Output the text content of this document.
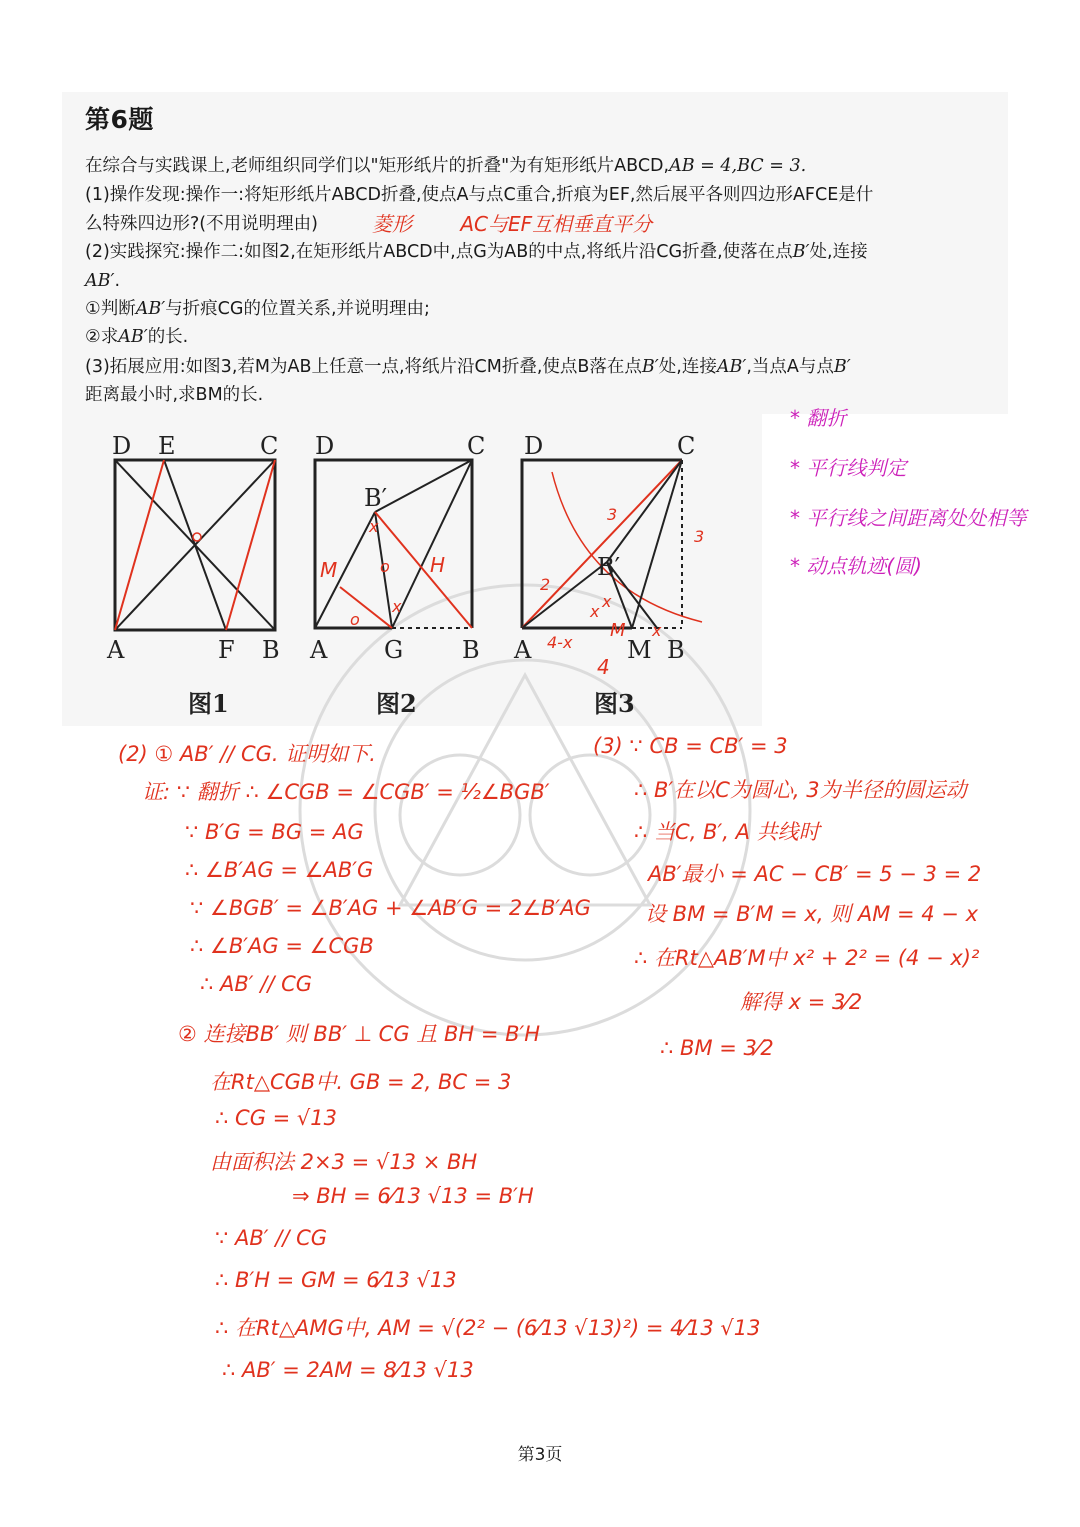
第6题
在综合与实践课上,老师组织同学们以"矩形纸片的折叠"为有矩形纸片ABCD,AB = 4,BC = 3.
(1)操作发现:操作一:将矩形纸片ABCD折叠,使点A与点C重合,折痕为EF,然后展平各则四边形AFCE是什
么特殊四边形?(不用说明理由)
(2)实践探究:操作二:如图2,在矩形纸片ABCD中,点G为AB的中点,将纸片沿CG折叠,使落在点B′处,连接
AB′.
①判断AB′与折痕CG的位置关系,并说明理由;
②求AB′的长.
(3)拓展应用:如图3,若M为AB上任意一点,将纸片沿CM折叠,使点B落在点B′处,连接AB′,当点A与点B′
距离最小时,求BM的长.
菱形 AC与EF互相垂直平分
* 翻折
* 平行线判定
* 平行线之间距离处处相等
* 动点轨迹(圆)
D E	C
A	F B
图1
x
x
o
o
D	C
B′
A G B
M	H
图2
x
x
D	C
B′
A	M B
M
x
4-x
2
3
3
4
图3
(2) ① AB′ // CG. 证明如下.
证: ∵ 翻折 ∴ ∠CGB = ∠CGB′ = ½∠BGB′
∵ B′G = BG = AG
∴ ∠B′AG = ∠AB′G
∵ ∠BGB′ = ∠B′AG + ∠AB′G = 2∠B′AG
∴ ∠B′AG = ∠CGB
∴ AB′ // CG
② 连接BB′ 则 BB′ ⊥ CG 且 BH = B′H
在Rt△CGB中. GB = 2, BC = 3
∴ CG = √13
由面积法 2×3 = √13 × BH
⇒ BH = 6⁄13 √13 = B′H
∵ AB′ // CG
∴ B′H = GM = 6⁄13 √13
∴ 在Rt△AMG中, AM = √(2² − (6⁄13 √13)²) = 4⁄13 √13
∴ AB′ = 2AM = 8⁄13 √13
(3) ∵ CB = CB′ = 3
∴ B′在以C为圆心, 3为半径的圆运动
∴ 当C, B′, A 共线时
AB′最小 = AC − CB′ = 5 − 3 = 2
设 BM = B′M = x, 则 AM = 4 − x
∴ 在Rt△AB′M中 x² + 2² = (4 − x)²
解得 x = 3⁄2
∴ BM = 3⁄2
第3页
